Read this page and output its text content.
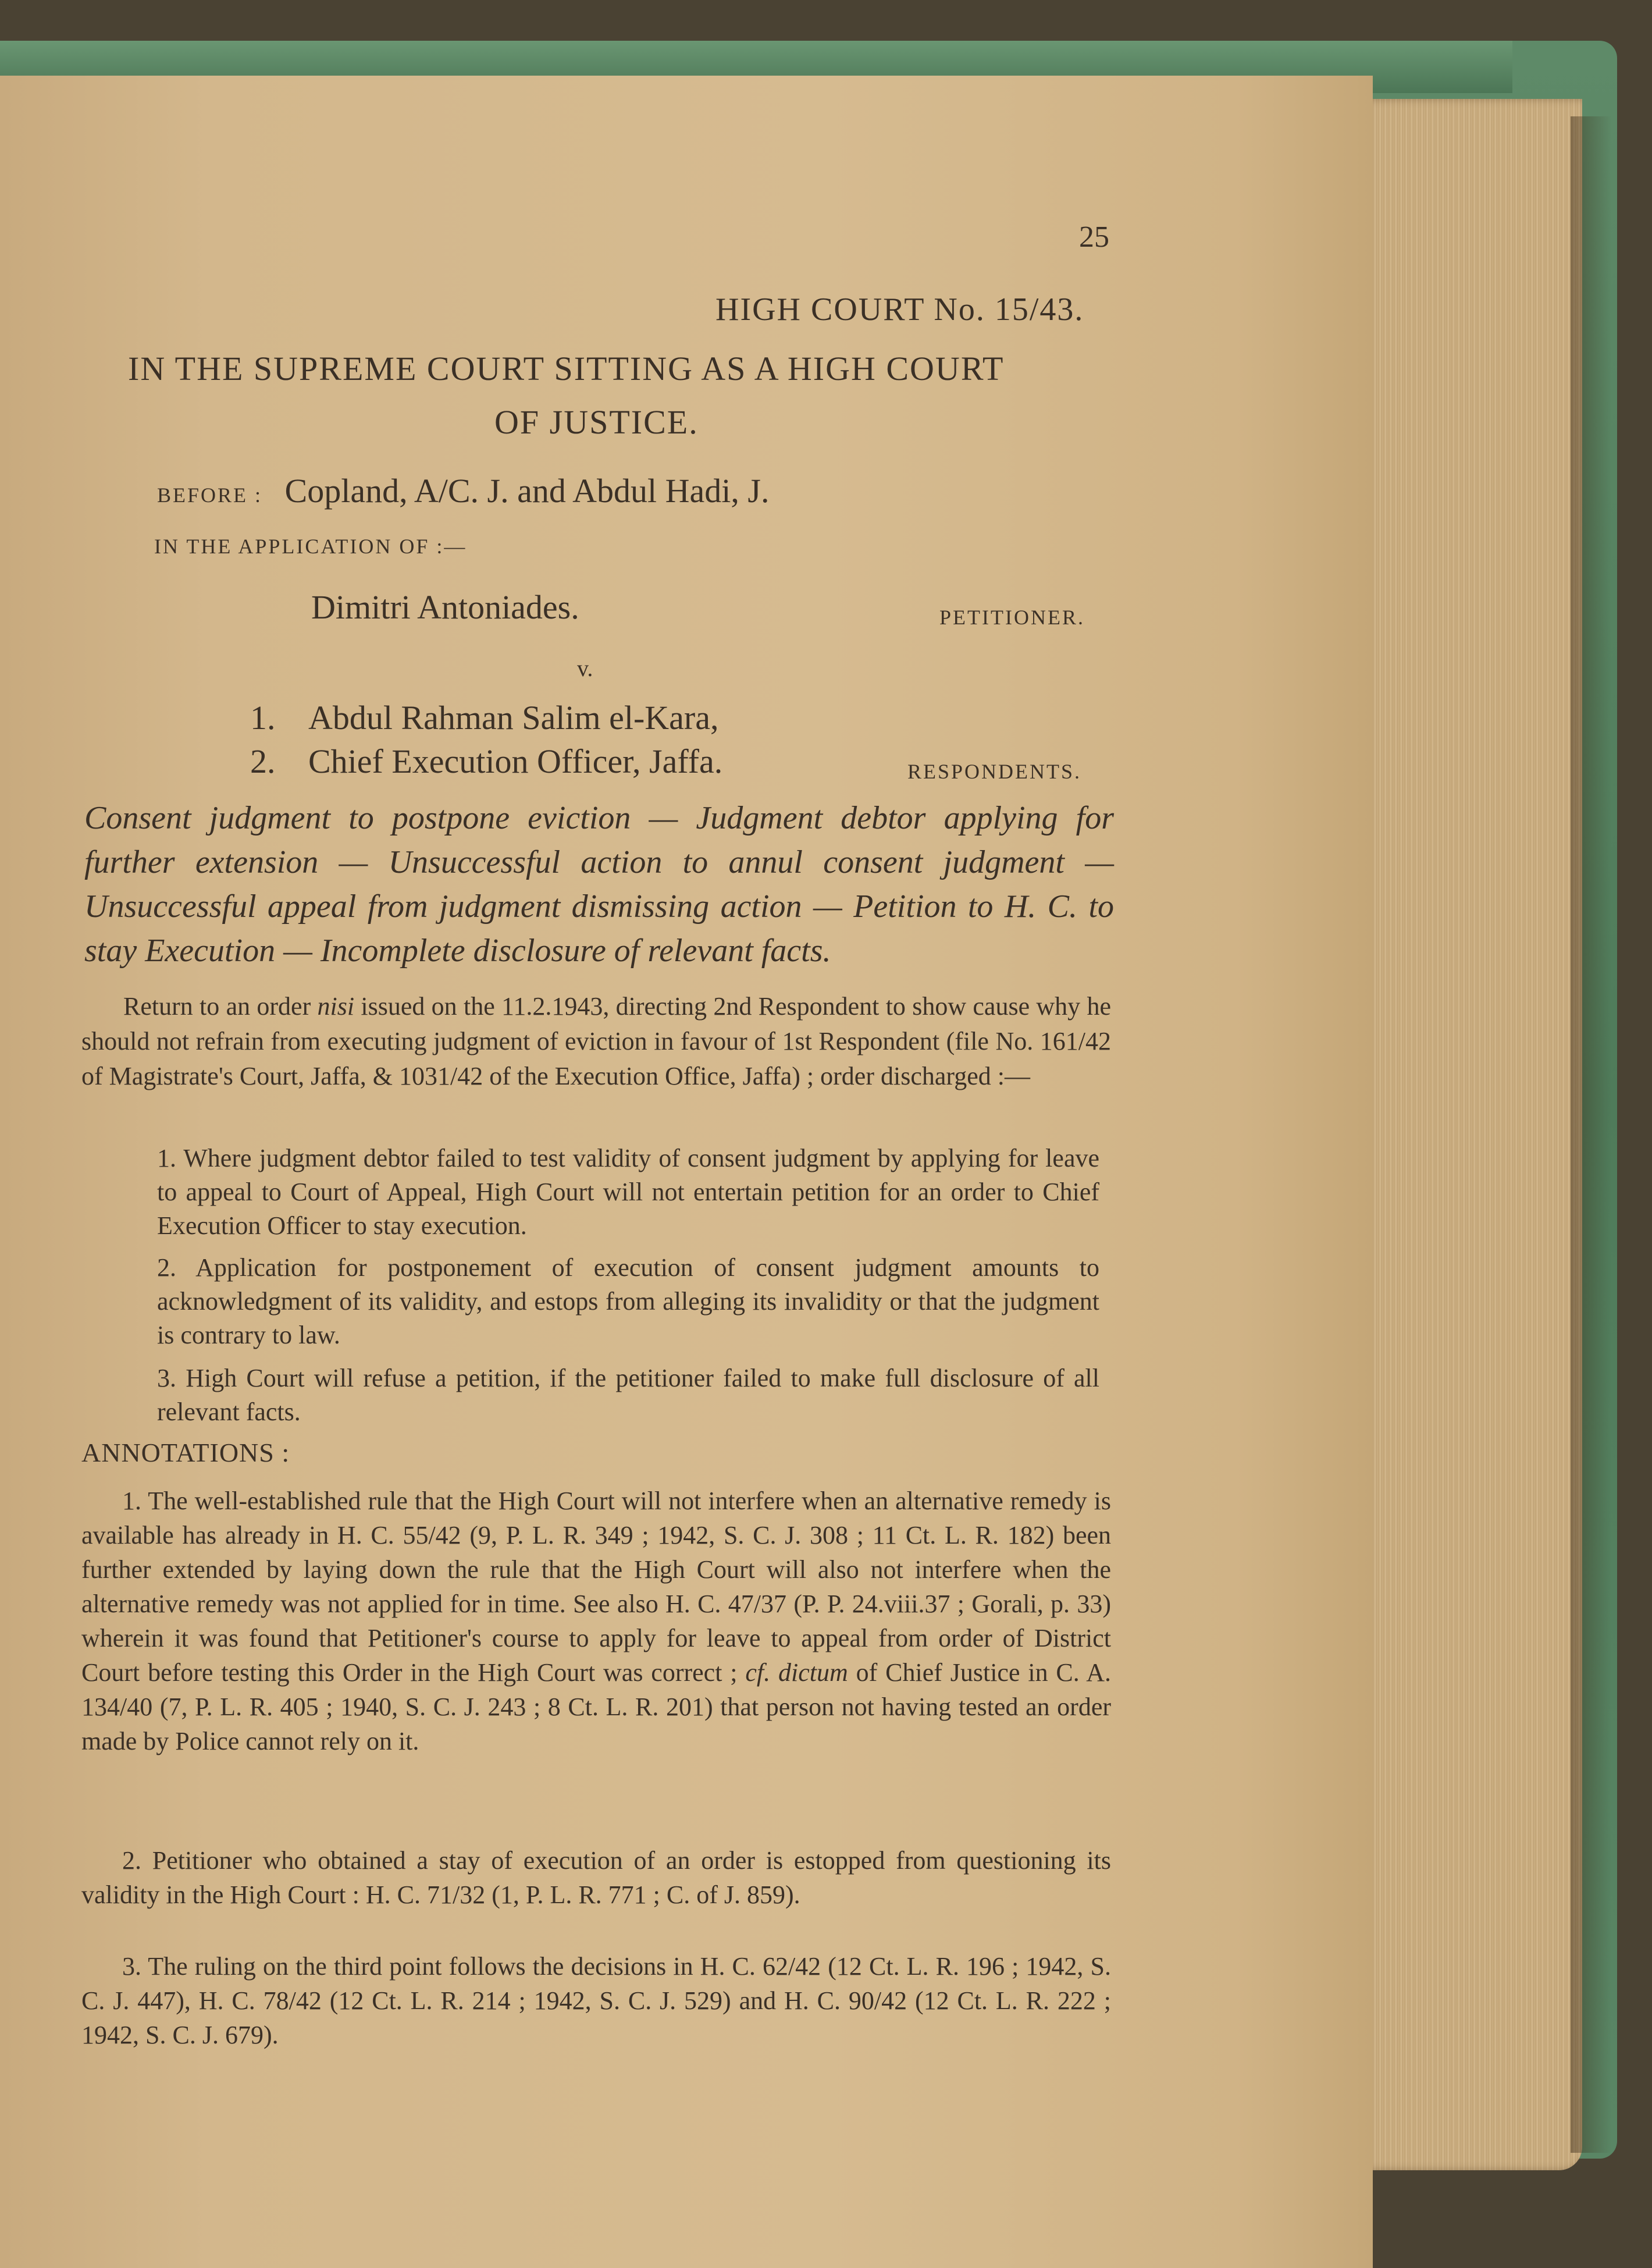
25
HIGH COURT No. 15/43.
IN THE SUPREME COURT SITTING AS A HIGH COURT
OF JUSTICE.
BEFORE : Copland, A/C. J. and Abdul Hadi, J.
IN THE APPLICATION OF :—
Dimitri Antoniades.	PETITIONER.
v.
1. Abdul Rahman Salim el-Kara,
2. Chief Execution Officer, Jaffa.	RESPONDENTS.
Consent judgment to postpone eviction — Judgment debtor applying for further extension — Unsuccessful action to annul consent judgment — Unsuccessful appeal from judgment dismissing action — Petition to H. C. to stay Execution — Incomplete disclosure of relevant facts.
Return to an order nisi issued on the 11.2.1943, directing 2nd Respondent to show cause why he should not refrain from executing judgment of eviction in favour of 1st Respondent (file No. 161/42 of Magistrate's Court, Jaffa, & 1031/42 of the Execution Office, Jaffa) ; order discharged :—
1. Where judgment debtor failed to test validity of consent judgment by applying for leave to appeal to Court of Appeal, High Court will not entertain petition for an order to Chief Execution Officer to stay execution.
2. Application for postponement of execution of consent judgment amounts to acknowledgment of its validity, and estops from alleging its invalidity or that the judgment is contrary to law.
3. High Court will refuse a petition, if the petitioner failed to make full disclosure of all relevant facts.
ANNOTATIONS :
1. The well-established rule that the High Court will not interfere when an alternative remedy is available has already in H. C. 55/42 (9, P. L. R. 349 ; 1942, S. C. J. 308 ; 11 Ct. L. R. 182) been further extended by laying down the rule that the High Court will also not interfere when the alternative remedy was not applied for in time. See also H. C. 47/37 (P. P. 24.viii.37 ; Gorali, p. 33) wherein it was found that Petitioner's course to apply for leave to appeal from order of District Court before testing this Order in the High Court was correct ; cf. dictum of Chief Justice in C. A. 134/40 (7, P. L. R. 405 ; 1940, S. C. J. 243 ; 8 Ct. L. R. 201) that person not having tested an order made by Police cannot rely on it.
2. Petitioner who obtained a stay of execution of an order is estopped from questioning its validity in the High Court : H. C. 71/32 (1, P. L. R. 771 ; C. of J. 859).
3. The ruling on the third point follows the decisions in H. C. 62/42 (12 Ct. L. R. 196 ; 1942, S. C. J. 447), H. C. 78/42 (12 Ct. L. R. 214 ; 1942, S. C. J. 529) and H. C. 90/42 (12 Ct. L. R. 222 ; 1942, S. C. J. 679).
